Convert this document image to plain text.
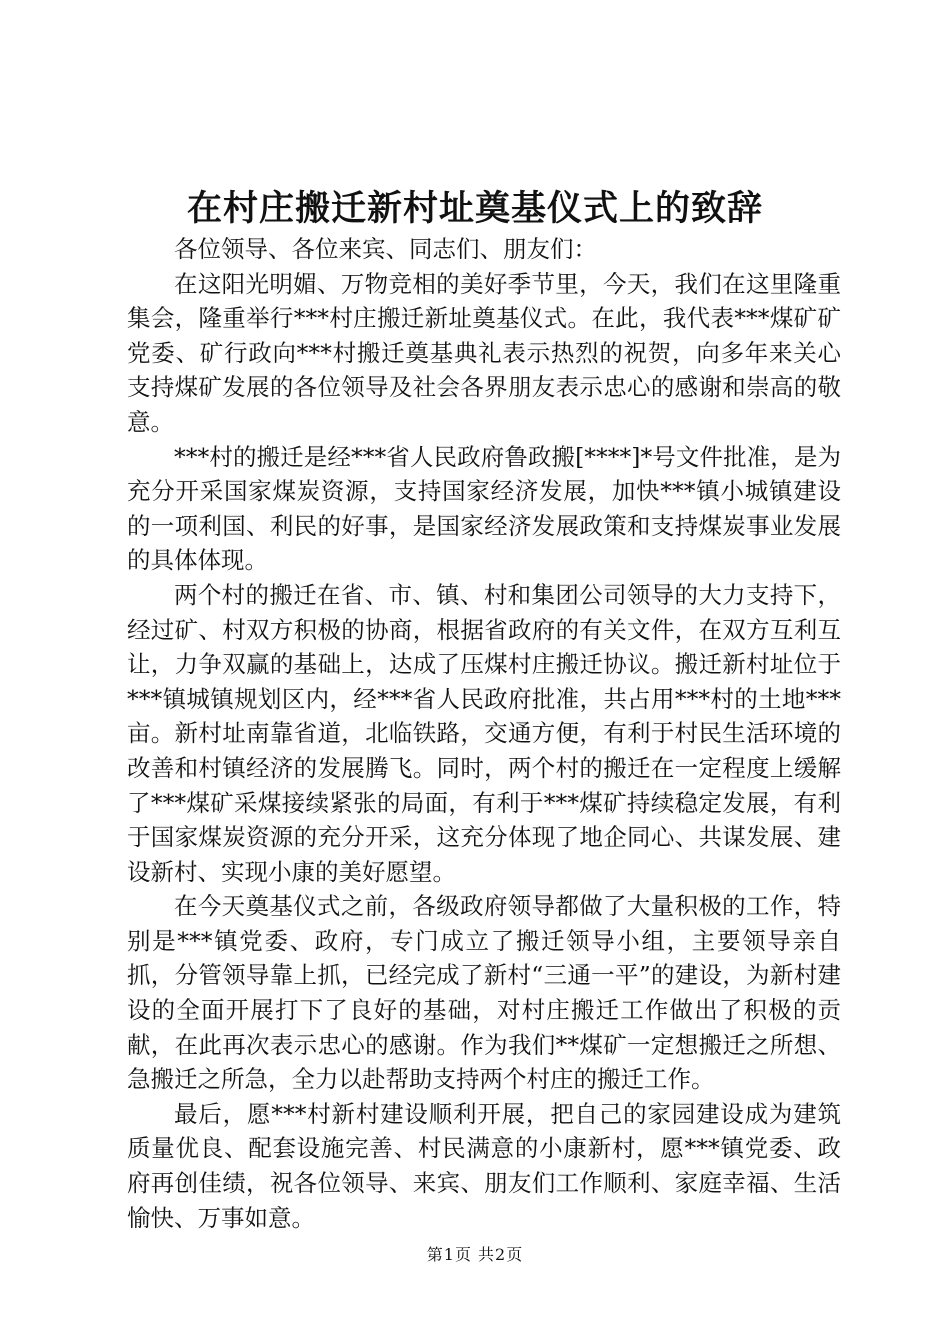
在村庄搬迁新村址奠基仪式上的致辞

各位领导、各位来宾、同志们、朋友们：

在这阳光明媚、万物竞相的美好季节里，今天，我们在这里隆重集会，隆重举行***村庄搬迁新址奠基仪式。在此，我代表***煤矿矿党委、矿行政向***村搬迁奠基典礼表示热烈的祝贺，向多年来关心支持煤矿发展的各位领导及社会各界朋友表示忠心的感谢和崇高的敬意。

***村的搬迁是经***省人民政府鲁政搬[****]*号文件批准，是为充分开采国家煤炭资源，支持国家经济发展，加快***镇小城镇建设的一项利国、利民的好事，是国家经济发展政策和支持煤炭事业发展的具体体现。

两个村的搬迁在省、市、镇、村和集团公司领导的大力支持下，经过矿、村双方积极的协商，根据省政府的有关文件，在双方互利互让，力争双赢的基础上，达成了压煤村庄搬迁协议。搬迁新村址位于***镇城镇规划区内，经***省人民政府批准，共占用***村的土地***亩。新村址南靠省道，北临铁路，交通方便，有利于村民生活环境的改善和村镇经济的发展腾飞。同时，两个村的搬迁在一定程度上缓解了***煤矿采煤接续紧张的局面，有利于***煤矿持续稳定发展，有利于国家煤炭资源的充分开采，这充分体现了地企同心、共谋发展、建设新村、实现小康的美好愿望。

在今天奠基仪式之前，各级政府领导都做了大量积极的工作，特别是***镇党委、政府，专门成立了搬迁领导小组，主要领导亲自抓，分管领导靠上抓，已经完成了新村“三通一平”的建设，为新村建设的全面开展打下了良好的基础，对村庄搬迁工作做出了积极的贡献，在此再次表示忠心的感谢。作为我们**煤矿一定想搬迁之所想、急搬迁之所急，全力以赴帮助支持两个村庄的搬迁工作。

最后，愿***村新村建设顺利开展，把自己的家园建设成为建筑质量优良、配套设施完善、村民满意的小康新村，愿***镇党委、政府再创佳绩，祝各位领导、来宾、朋友们工作顺利、家庭幸福、生活愉快、万事如意。

第1页 共2页
